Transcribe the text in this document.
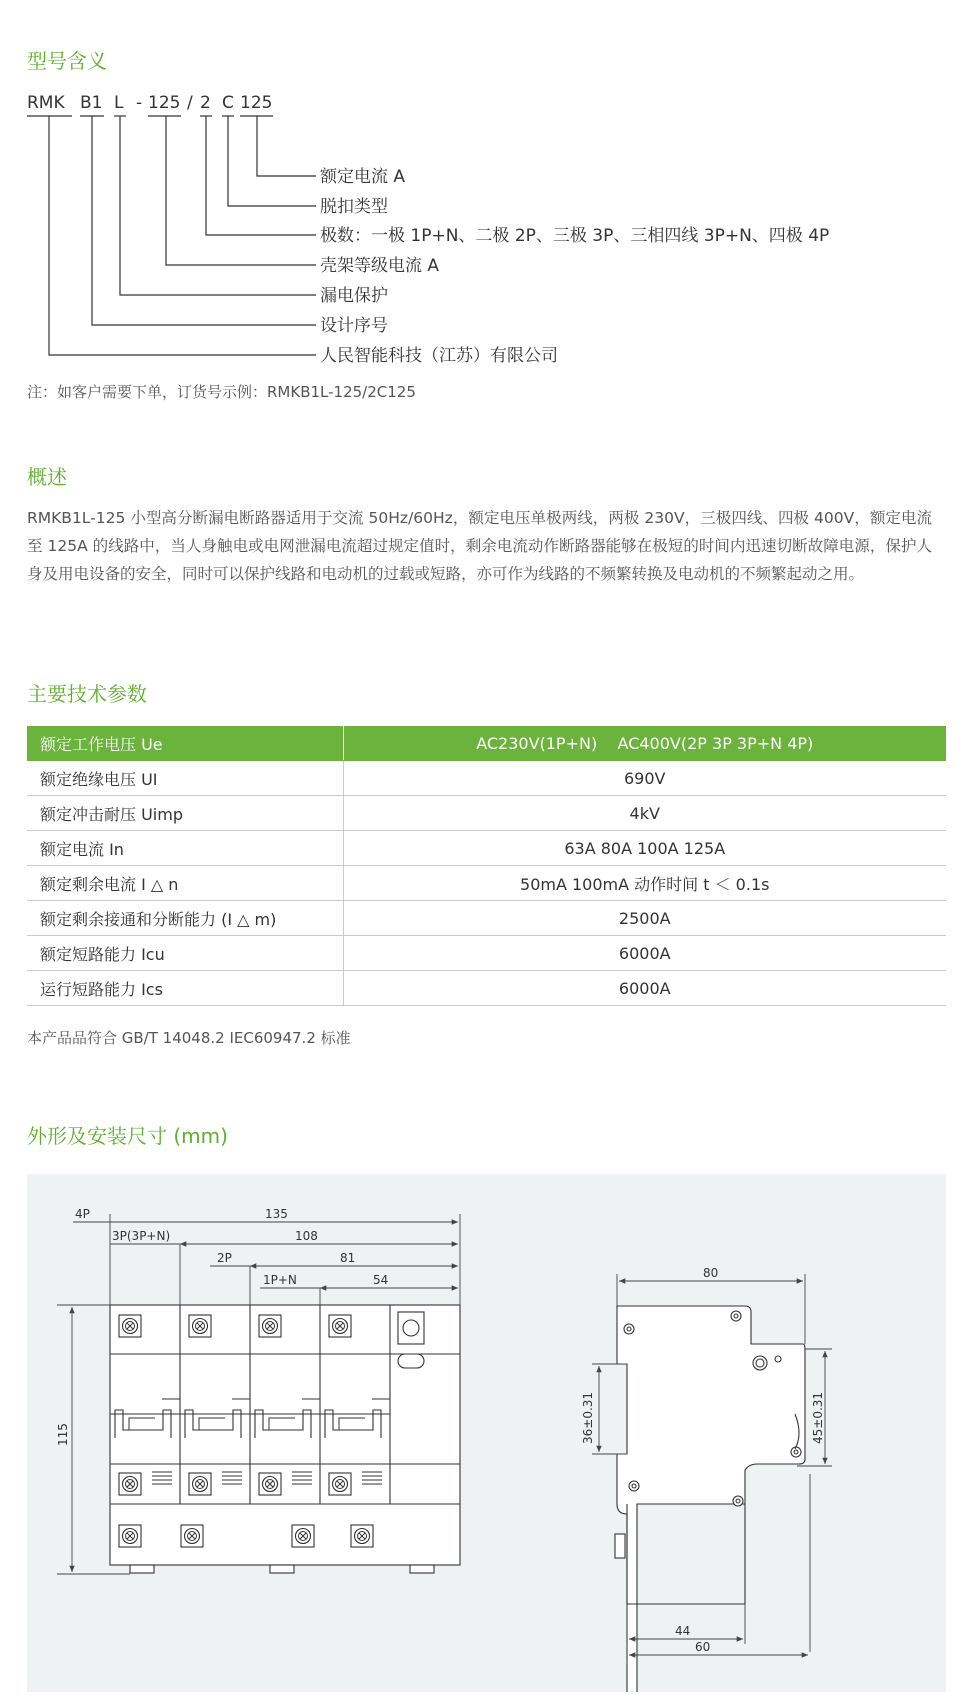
型号含义
RMK B1 L - 125 / 2 C 125
额定电流 A
脱扣类型
极数：一极 1P+N、二极 2P、三极 3P、三相四线 3P+N、四极 4P
壳架等级电流 A
漏电保护
设计序号
人民智能科技（江苏）有限公司
注：如客户需要下单，订货号示例：RMKB1L-125/2C125
概述
RMKB1L-125 小型高分断漏电断路器适用于交流 50Hz/60Hz，额定电压单极两线，两极 230V，三极四线、四极 400V，额定电流至 125A 的线路中，当人身触电或电网泄漏电流超过规定值时，剩余电流动作断路器能够在极短的时间内迅速切断故障电源，保护人身及用电设备的安全，同时可以保护线路和电动机的过载或短路，亦可作为线路的不频繁转换及电动机的不频繁起动之用。
主要技术参数
额定工作电压 Ue	AC230V(1P+N)    AC400V(2P 3P 3P+N 4P)
额定绝缘电压 UI	690V
额定冲击耐压 Uimp	4kV
额定电流 In	63A 80A 100A 125A
额定剩余电流 I △ n	50mA 100mA 动作时间 t ＜ 0.1s
额定剩余接通和分断能力 (I △ m)	2500A
额定短路能力 Icu	6000A
运行短路能力 Ics	6000A
本产品品符合 GB/T 14048.2 IEC60947.2 标准
外形及安装尺寸 (mm)
4P	135
3P(3P+N)	108
2P	81
1P+N	54
115
80
36±0.31	45±0.31
44
60
